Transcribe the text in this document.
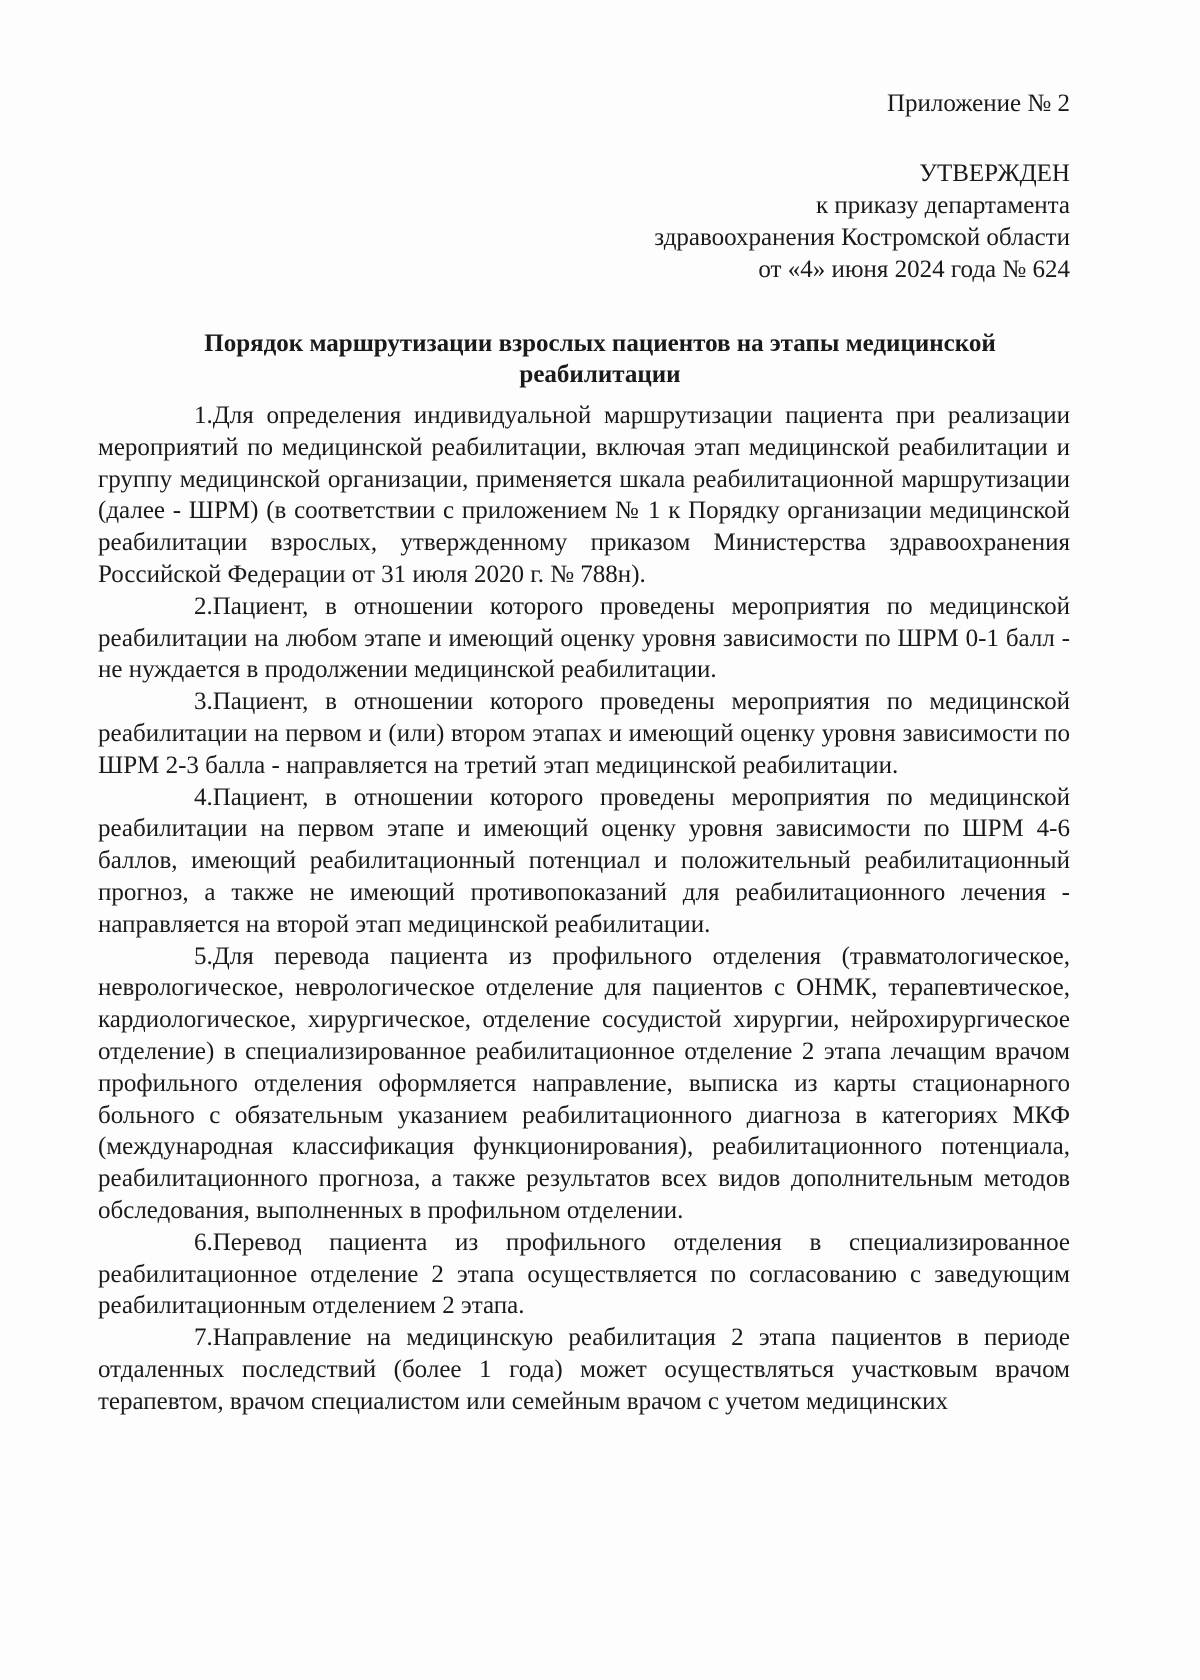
Приложение № 2
УТВЕРЖДЕН
к приказу департамента
здравоохранения Костромской области
от «4» июня 2024 года № 624
Порядок маршрутизации взрослых пациентов на этапы медицинской реабилитации

1.Для определения индивидуальной маршрутизации пациента при реализации мероприятий по медицинской реабилитации, включая этап медицинской реабилитации и группу медицинской организации, применяется шкала реабилитационной маршрутизации (далее - ШРМ) (в соответствии с приложением № 1 к Порядку организации медицинской реабилитации взрослых, утвержденному приказом Министерства здравоохранения Российской Федерации от 31 июля 2020 г. № 788н).

2.Пациент, в отношении которого проведены мероприятия по медицинской реабилитации на любом этапе и имеющий оценку уровня зависимости по ШРМ 0-1 балл - не нуждается в продолжении медицинской реабилитации.

3.Пациент, в отношении которого проведены мероприятия по медицинской реабилитации на первом и (или) втором этапах и имеющий оценку уровня зависимости по ШРМ 2-3 балла - направляется на третий этап медицинской реабилитации.

4.Пациент, в отношении которого проведены мероприятия по медицинской реабилитации на первом этапе и имеющий оценку уровня зависимости по ШРМ 4-6 баллов, имеющий реабилитационный потенциал и положительный реабилитационный прогноз, а также не имеющий противопоказаний для реабилитационного лечения - направляется на второй этап медицинской реабилитации.

5.Для перевода пациента из профильного отделения (травматологическое, неврологическое, неврологическое отделение для пациентов с ОНМК, терапевтическое, кардиологическое, хирургическое, отделение сосудистой хирургии, нейрохирургическое отделение) в специализированное реабилитационное отделение 2 этапа лечащим врачом профильного отделения оформляется направление, выписка из карты стационарного больного с обязательным указанием реабилитационного диагноза в категориях МКФ (международная классификация функционирования), реабилитационного потенциала, реабилитационного прогноза, а также результатов всех видов дополнительным методов обследования, выполненных в профильном отделении.

6.Перевод пациента из профильного отделения в специализированное реабилитационное отделение 2 этапа осуществляется по согласованию с заведующим реабилитационным отделением 2 этапа.

7.Направление на медицинскую реабилитация 2 этапа пациентов в периоде отдаленных последствий (более 1 года) может осуществляться участковым врачом терапевтом, врачом специалистом или семейным врачом с учетом медицинских
